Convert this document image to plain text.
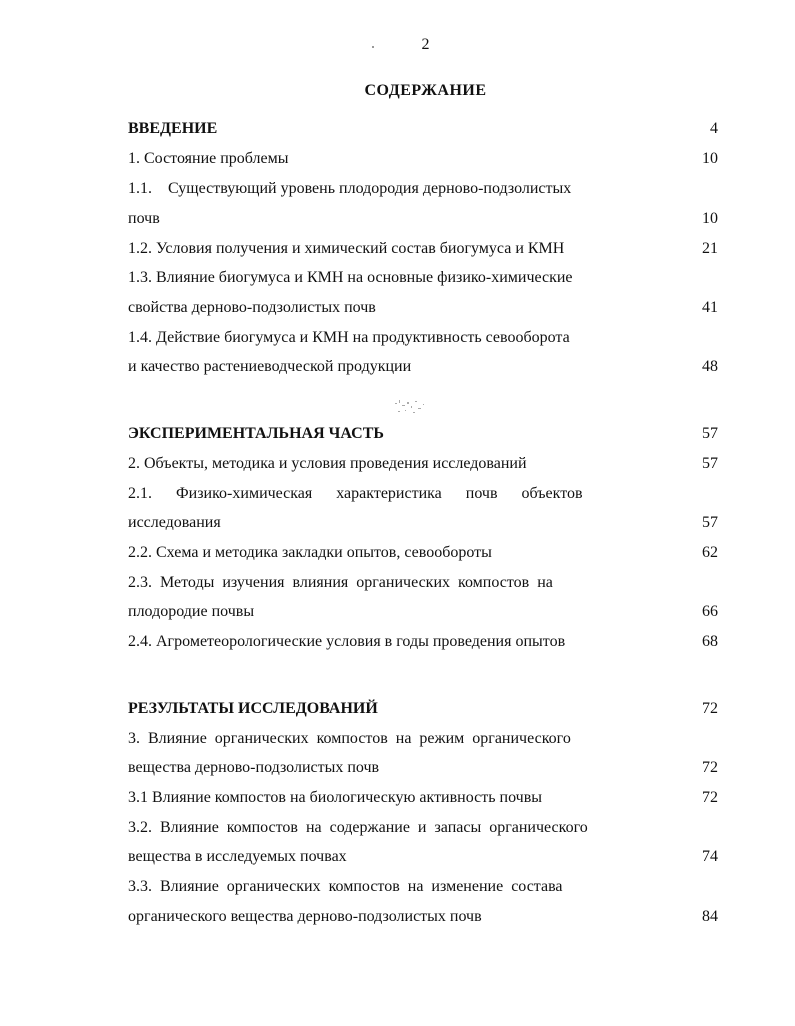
2
СОДЕРЖАНИЕ
ВВЕДЕНИЕ	4
1. Состояние проблемы	10
1.1.    Существующий уровень плодородия дерново-подзолистых
почв	10
1.2. Условия получения и химический состав биогумуса и КМН	21
1.3. Влияние биогумуса и КМН на основные физико-химические
свойства дерново-подзолистых почв	41
1.4. Действие биогумуса и КМН на продуктивность севооборота
и качество растениеводческой продукции	48
ЭКСПЕРИМЕНТАЛЬНАЯ ЧАСТЬ	57
2. Объекты, методика и условия проведения исследований	57
2.1.      Физико-химическая      характеристика      почв      объектов
исследования	57
2.2. Схема и методика закладки опытов, севообороты	62
2.3.  Методы  изучения  влияния  органических  компостов  на
плодородие почвы	66
2.4. Агрометеорологические условия в годы проведения опытов	68
РЕЗУЛЬТАТЫ ИССЛЕДОВАНИЙ	72
3.  Влияние  органических  компостов  на  режим  органического
вещества дерново-подзолистых почв	72
3.1 Влияние компостов на биологическую активность почвы	72
3.2.  Влияние  компостов  на  содержание  и  запасы  органического
вещества в исследуемых почвах	74
3.3.  Влияние  органических  компостов  на  изменение  состава
органического вещества дерново-подзолистых почв	84
